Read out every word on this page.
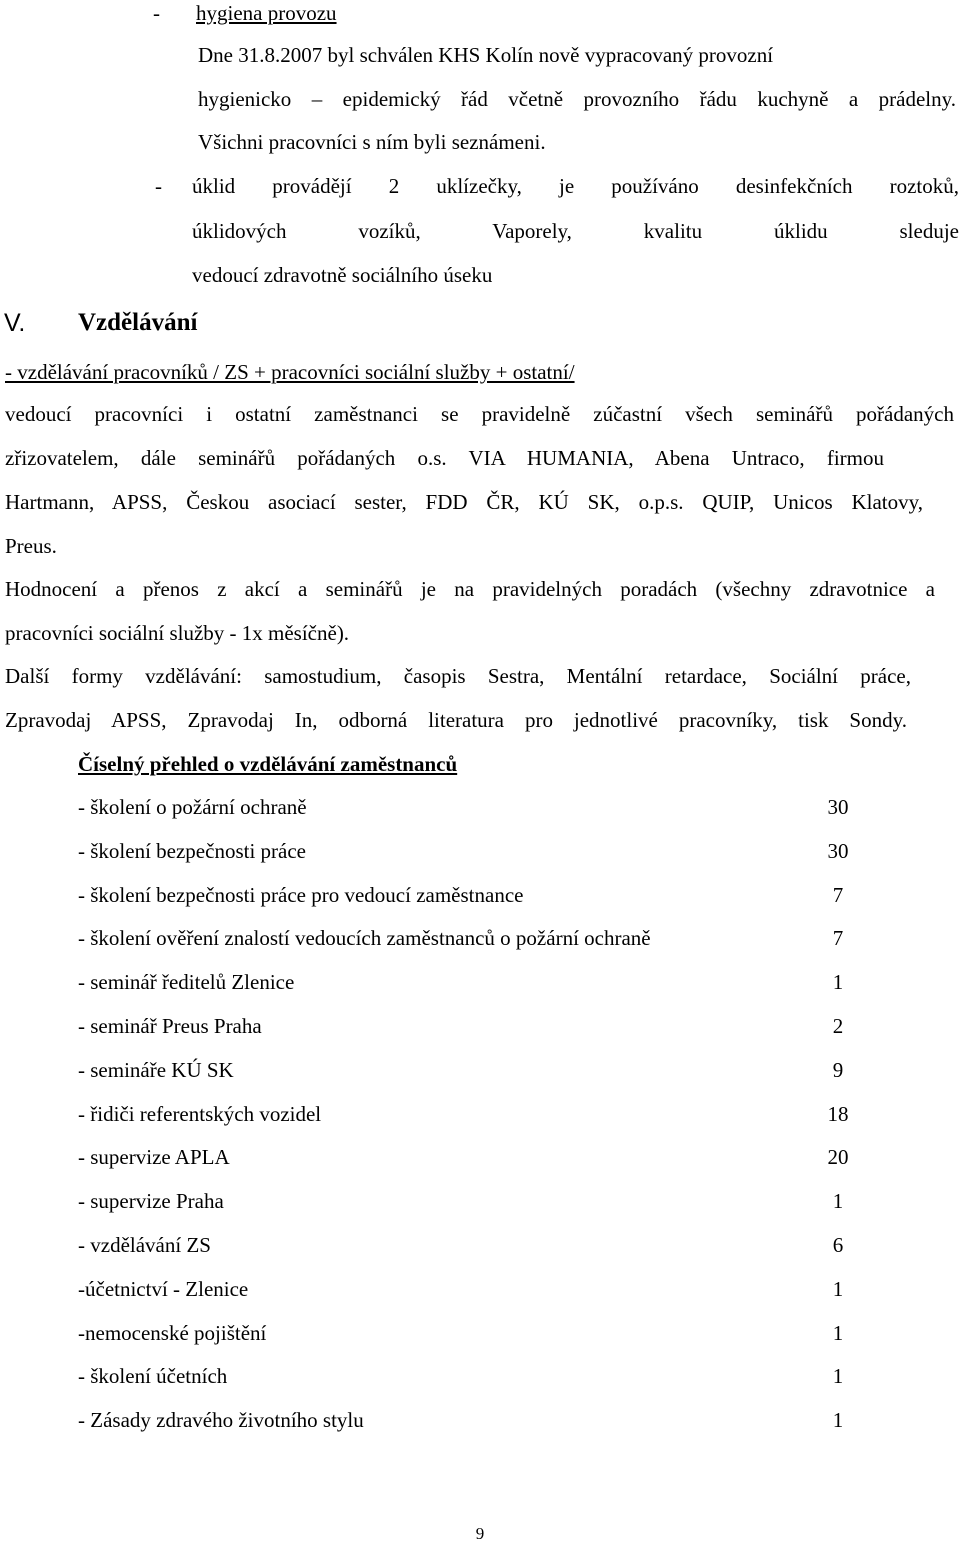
- hygiena provozu
Dne 31.8.2007 byl schválen KHS Kolín nově vypracovaný provozní
hygienicko – epidemický řád včetně provozního řádu kuchyně a prádelny.
Všichni pracovníci s ním byli seznámeni.
- úklid provádějí 2 uklízečky, je používáno desinfekčních roztoků,
úklidových vozíků, Vaporely, kvalitu úklidu sleduje
vedoucí zdravotně sociálního úseku
V. Vzdělávání
- vzdělávání pracovníků / ZS + pracovníci sociální služby + ostatní/
vedoucí pracovníci i ostatní zaměstnanci se pravidelně zúčastní všech seminářů pořádaných
zřizovatelem, dále seminářů pořádaných o.s. VIA HUMANIA, Abena Untraco, firmou
Hartmann, APSS, Českou asociací sester, FDD ČR, KÚ SK, o.p.s. QUIP, Unicos Klatovy,
Preus.
Hodnocení a přenos z akcí a seminářů je na pravidelných poradách (všechny zdravotnice a
pracovníci sociální služby - 1x měsíčně).
Další formy vzdělávání: samostudium, časopis Sestra, Mentální retardace, Sociální práce,
Zpravodaj APSS, Zpravodaj In, odborná literatura pro jednotlivé pracovníky, tisk Sondy.
Číselný přehled o vzdělávání zaměstnanců
- školení o požární ochraně	30
- školení bezpečnosti práce	30
- školení bezpečnosti práce pro vedoucí zaměstnance	7
- školení ověření znalostí vedoucích zaměstnanců o požární ochraně	7
- seminář ředitelů Zlenice	1
- seminář Preus Praha	2
- semináře KÚ SK	9
- řidiči referentských vozidel	18
- supervize APLA	20
- supervize Praha	1
- vzdělávání ZS	6
-účetnictví - Zlenice	1
-nemocenské pojištění	1
- školení účetních	1
- Zásady zdravého životního stylu	1
9
